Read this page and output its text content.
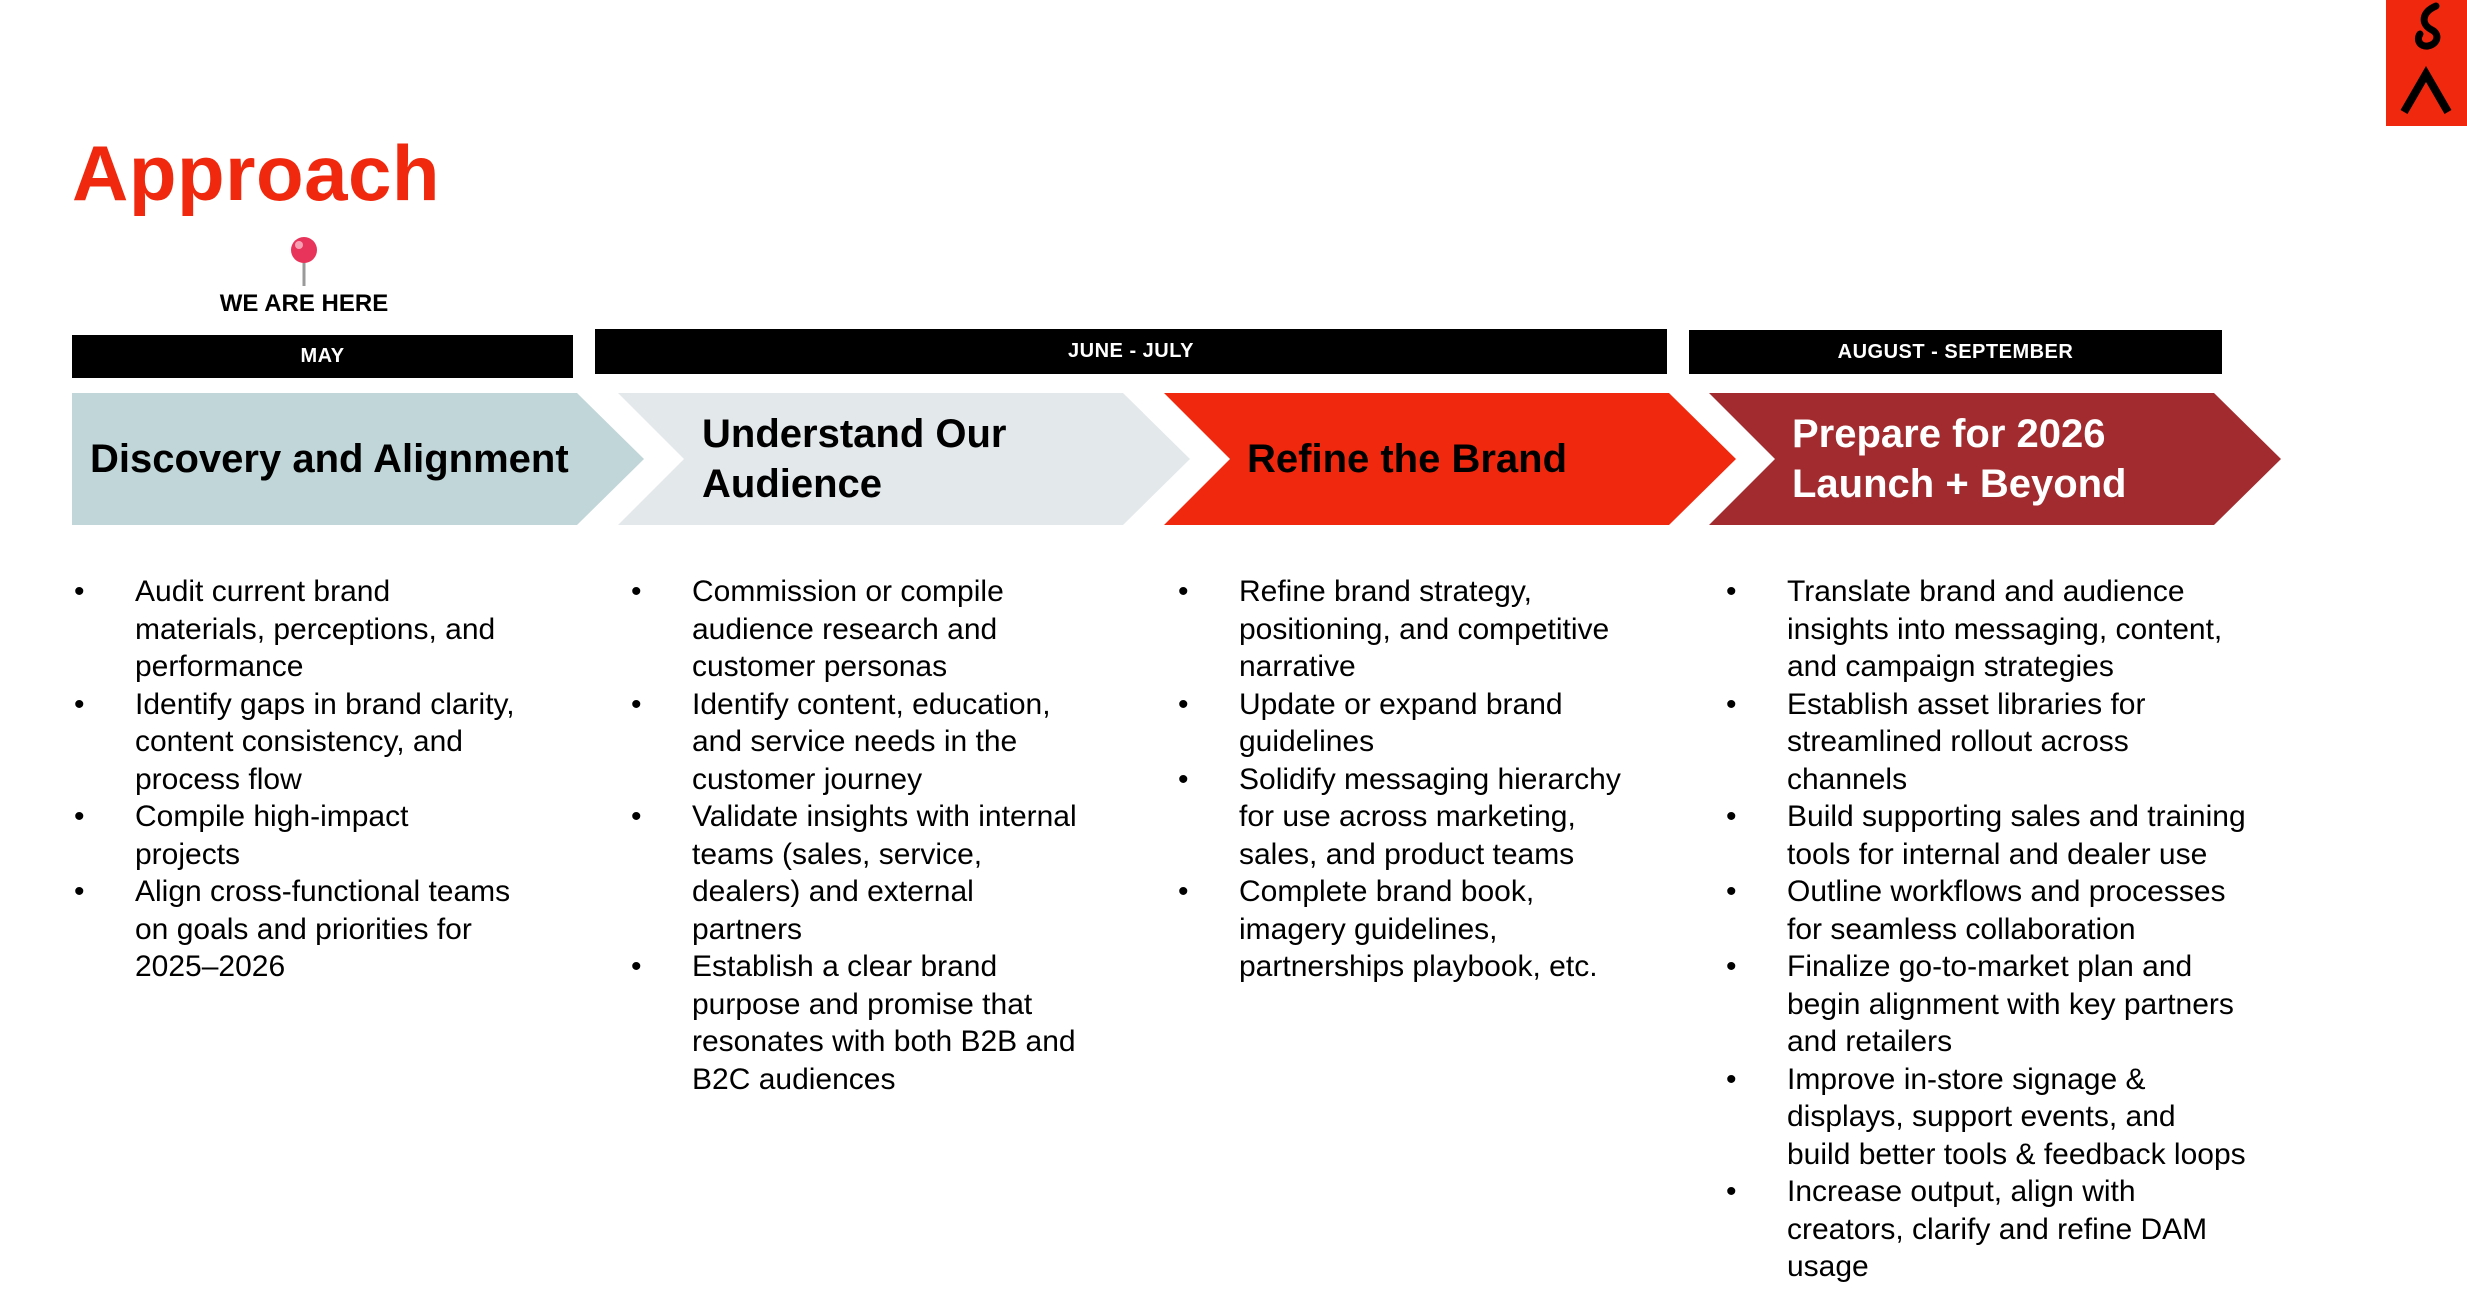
Approach
WE ARE HERE
MAY	JUNE - JULY	AUGUST - SEPTEMBER
Discovery and Alignment
Understand Our
Audience
Refine the Brand
Prepare for 2026
Launch + Beyond
• Audit current brand
materials, perceptions, and
performance
• Identify gaps in brand clarity,
content consistency, and
process flow
• Compile high-impact
projects
• Align cross-functional teams
on goals and priorities for
2025–2026
• Commission or compile
audience research and
customer personas
• Identify content, education,
and service needs in the
customer journey
• Validate insights with internal
teams (sales, service,
dealers) and external
partners
• Establish a clear brand
purpose and promise that
resonates with both B2B and
B2C audiences
• Refine brand strategy,
positioning, and competitive
narrative
• Update or expand brand
guidelines
• Solidify messaging hierarchy
for use across marketing,
sales, and product teams
• Complete brand book,
imagery guidelines,
partnerships playbook, etc.
• Translate brand and audience
insights into messaging, content,
and campaign strategies
• Establish asset libraries for
streamlined rollout across
channels
• Build supporting sales and training
tools for internal and dealer use
• Outline workflows and processes
for seamless collaboration
• Finalize go-to-market plan and
begin alignment with key partners
and retailers
• Improve in-store signage &
displays, support events, and
build better tools & feedback loops
• Increase output, align with
creators, clarify and refine DAM
usage
